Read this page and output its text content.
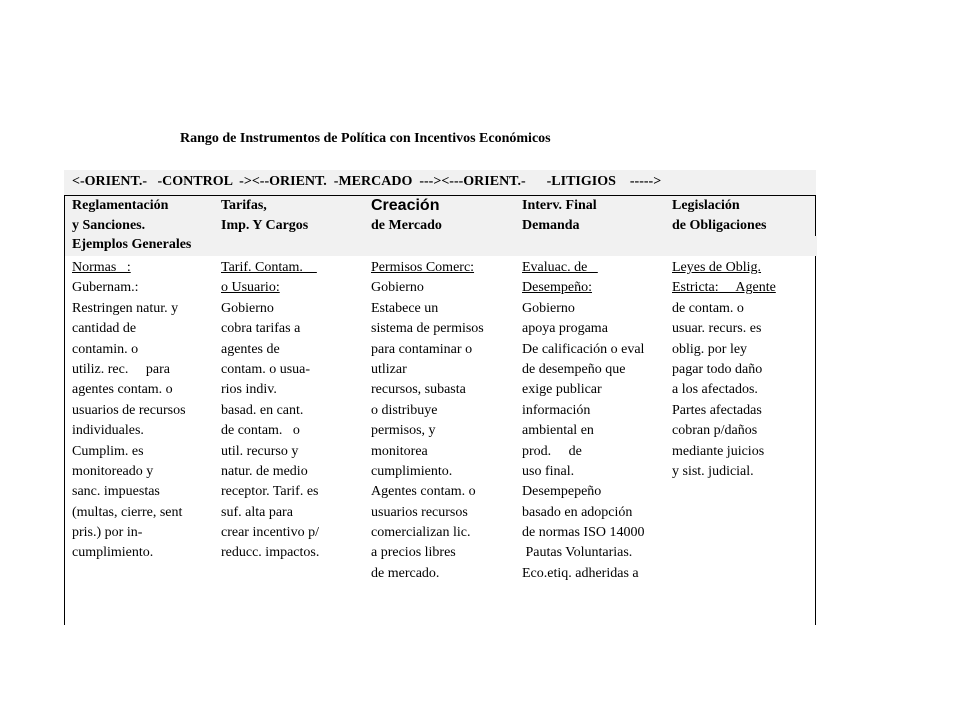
Rango de Instrumentos de Política con Incentivos Económicos
<-ORIENT.-   -CONTROL  -><--ORIENT.  -MERCADO  ---><---ORIENT.-      -LITIGIOS    ----->
Ejemplos Generales
Reglamentación
y Sanciones.
Normas   :
Gubernam.:
Restringen natur. y
cantidad de
contamin. o
utiliz. rec.     para
agentes contam. o
usuarios de recursos
individuales.
Cumplim. es
monitoreado y
sanc. impuestas
(multas, cierre, sent
pris.) por in-
cumplimiento.
Tarifas,
Imp. Y Cargos
Tarif. Contam.
o Usuario:
Gobierno
cobra tarifas a
agentes de
contam. o usua-
rios indiv.
basad. en cant.
de contam.   o
util. recurso y
natur. de medio
receptor. Tarif. es
suf. alta para
crear incentivo p/
reducc. impactos.
Creación
de Mercado
Permisos Comerc:
Gobierno
Estabece un
sistema de permisos
para contaminar o
utlizar
recursos, subasta
o distribuye
permisos, y
monitorea
cumplimiento.
Agentes contam. o
usuarios recursos
comercializan lic.
a precios libres
de mercado.
Interv. Final
Demanda
Evaluac. de
Desempeño:
Gobierno
apoya progama
De calificación o eval
de desempeño que
exige publicar
información
ambiental en
prod.     de
uso final.
Desempepeño
basado en adopción
de normas ISO 14000
Pautas Voluntarias.
Eco.etiq. adheridas a
Legislación
de Obligaciones
Leyes de Oblig.
Estricta:     Agente
de contam. o
usuar. recurs. es
oblig. por ley
pagar todo daño
a los afectados.
Partes afectadas
cobran p/daños
mediante juicios
y sist. judicial.
